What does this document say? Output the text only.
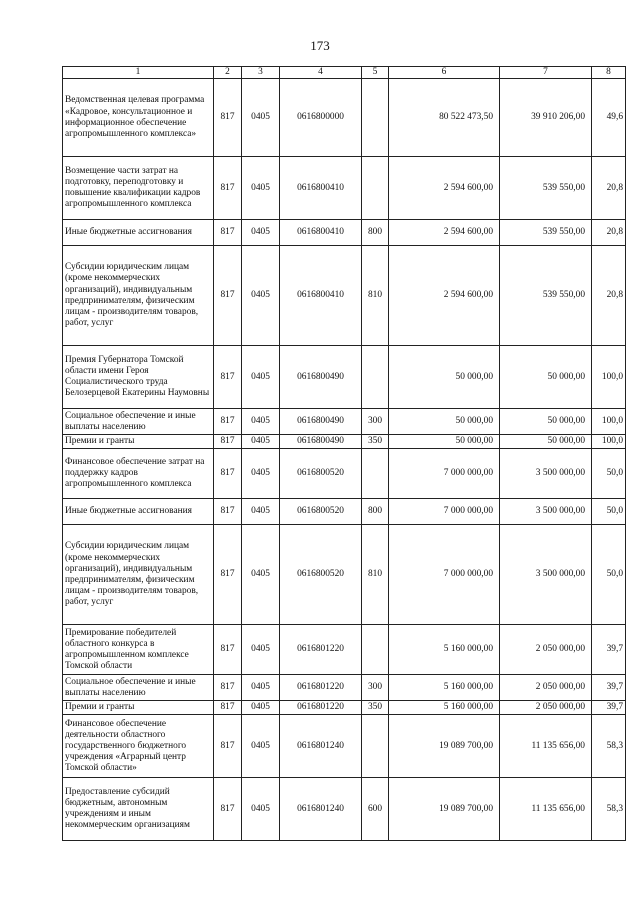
173
1	2	3	4	5	6	7	8
Ведомственная целевая программа «Кадровое, консультационное и информационное обеспечение агропромышленного комплекса»	817	0405	0616800000		80 522 473,50	39 910 206,00	49,6
Возмещение части затрат на подготовку, переподготовку и повышение квалификации кадров агропромышленного комплекса	817	0405	0616800410		2 594 600,00	539 550,00	20,8
Иные бюджетные ассигнования	817	0405	0616800410	800	2 594 600,00	539 550,00	20,8
Субсидии юридическим лицам (кроме некоммерческих организаций), индивидуальным предпринимателям, физическим лицам - производителям товаров, работ, услуг	817	0405	0616800410	810	2 594 600,00	539 550,00	20,8
Премия Губернатора Томской области имени Героя Социалистического труда Белозерцевой Екатерины Наумовны	817	0405	0616800490		50 000,00	50 000,00	100,0
Социальное обеспечение и иные выплаты населению	817	0405	0616800490	300	50 000,00	50 000,00	100,0
Премии и гранты	817	0405	0616800490	350	50 000,00	50 000,00	100,0
Финансовое обеспечение затрат на поддержку кадров агропромышленного комплекса	817	0405	0616800520		7 000 000,00	3 500 000,00	50,0
Иные бюджетные ассигнования	817	0405	0616800520	800	7 000 000,00	3 500 000,00	50,0
Субсидии юридическим лицам (кроме некоммерческих организаций), индивидуальным предпринимателям, физическим лицам - производителям товаров, работ, услуг	817	0405	0616800520	810	7 000 000,00	3 500 000,00	50,0
Премирование победителей областного конкурса в агропромышленном комплексе Томской области	817	0405	0616801220		5 160 000,00	2 050 000,00	39,7
Социальное обеспечение и иные выплаты населению	817	0405	0616801220	300	5 160 000,00	2 050 000,00	39,7
Премии и гранты	817	0405	0616801220	350	5 160 000,00	2 050 000,00	39,7
Финансовое обеспечение деятельности областного государственного бюджетного учреждения «Аграрный центр Томской области»	817	0405	0616801240		19 089 700,00	11 135 656,00	58,3
Предоставление субсидий бюджетным, автономным учреждениям и иным некоммерческим организациям	817	0405	0616801240	600	19 089 700,00	11 135 656,00	58,3
